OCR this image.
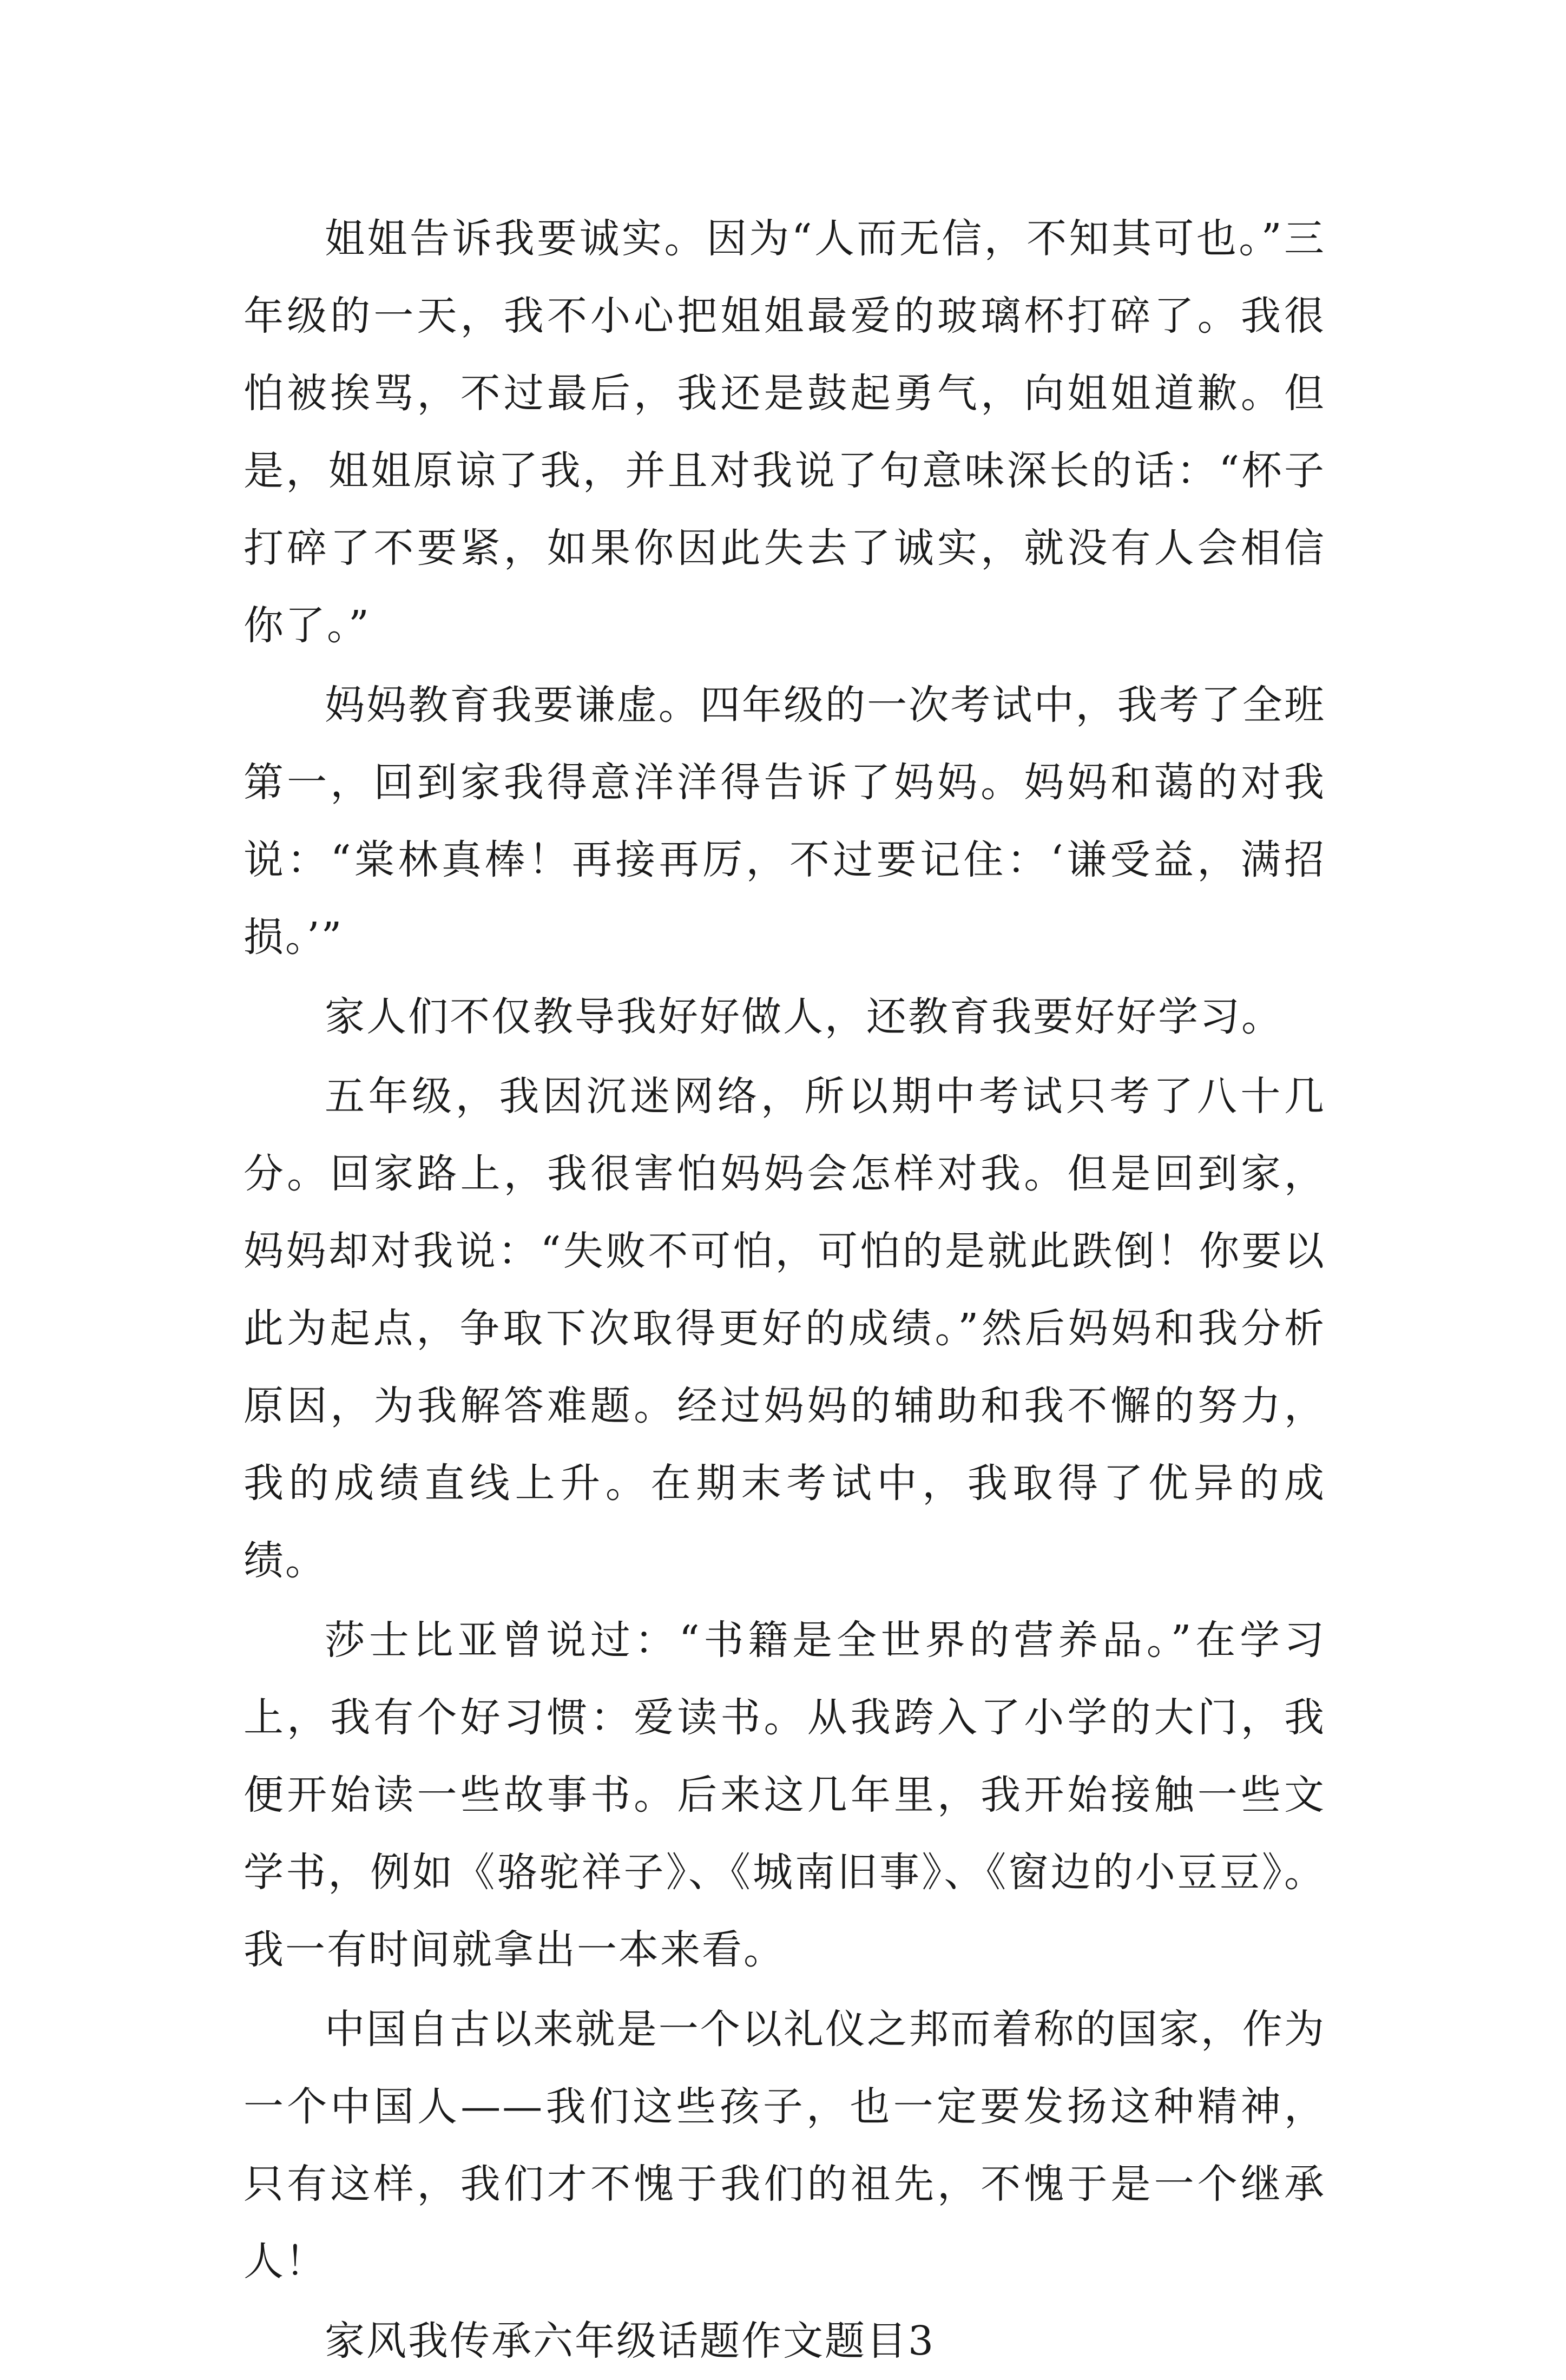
姐姐告诉我要诚实。因为“人而无信，不知其可也。”三年级的一天，我不小心把姐姐最爱的玻璃杯打碎了。我很怕被挨骂，不过最后，我还是鼓起勇气，向姐姐道歉。但是，姐姐原谅了我，并且对我说了句意味深长的话：“杯子打碎了不要紧，如果你因此失去了诚实，就没有人会相信你了。”

妈妈教育我要谦虚。四年级的一次考试中，我考了全班第一，回到家我得意洋洋得告诉了妈妈。妈妈和蔼的对我说：“棠林真棒！再接再厉，不过要记住：‘谦受益，满招损。’”

家人们不仅教导我好好做人，还教育我要好好学习。

五年级，我因沉迷网络，所以期中考试只考了八十几分。回家路上，我很害怕妈妈会怎样对我。但是回到家，妈妈却对我说：“失败不可怕，可怕的是就此跌倒！你要以此为起点，争取下次取得更好的成绩。”然后妈妈和我分析原因，为我解答难题。经过妈妈的辅助和我不懈的努力，我的成绩直线上升。在期末考试中，我取得了优异的成绩。

莎士比亚曾说过：“书籍是全世界的营养品。”在学习上，我有个好习惯：爱读书。从我跨入了小学的大门，我便开始读一些故事书。后来这几年里，我开始接触一些文学书，例如《骆驼祥子》、《城南旧事》、《窗边的小豆豆》。我一有时间就拿出一本来看。

中国自古以来就是一个以礼仪之邦而着称的国家，作为一个中国人——我们这些孩子，也一定要发扬这种精神，只有这样，我们才不愧于我们的祖先，不愧于是一个继承人！

家风我传承六年级话题作文题目3
